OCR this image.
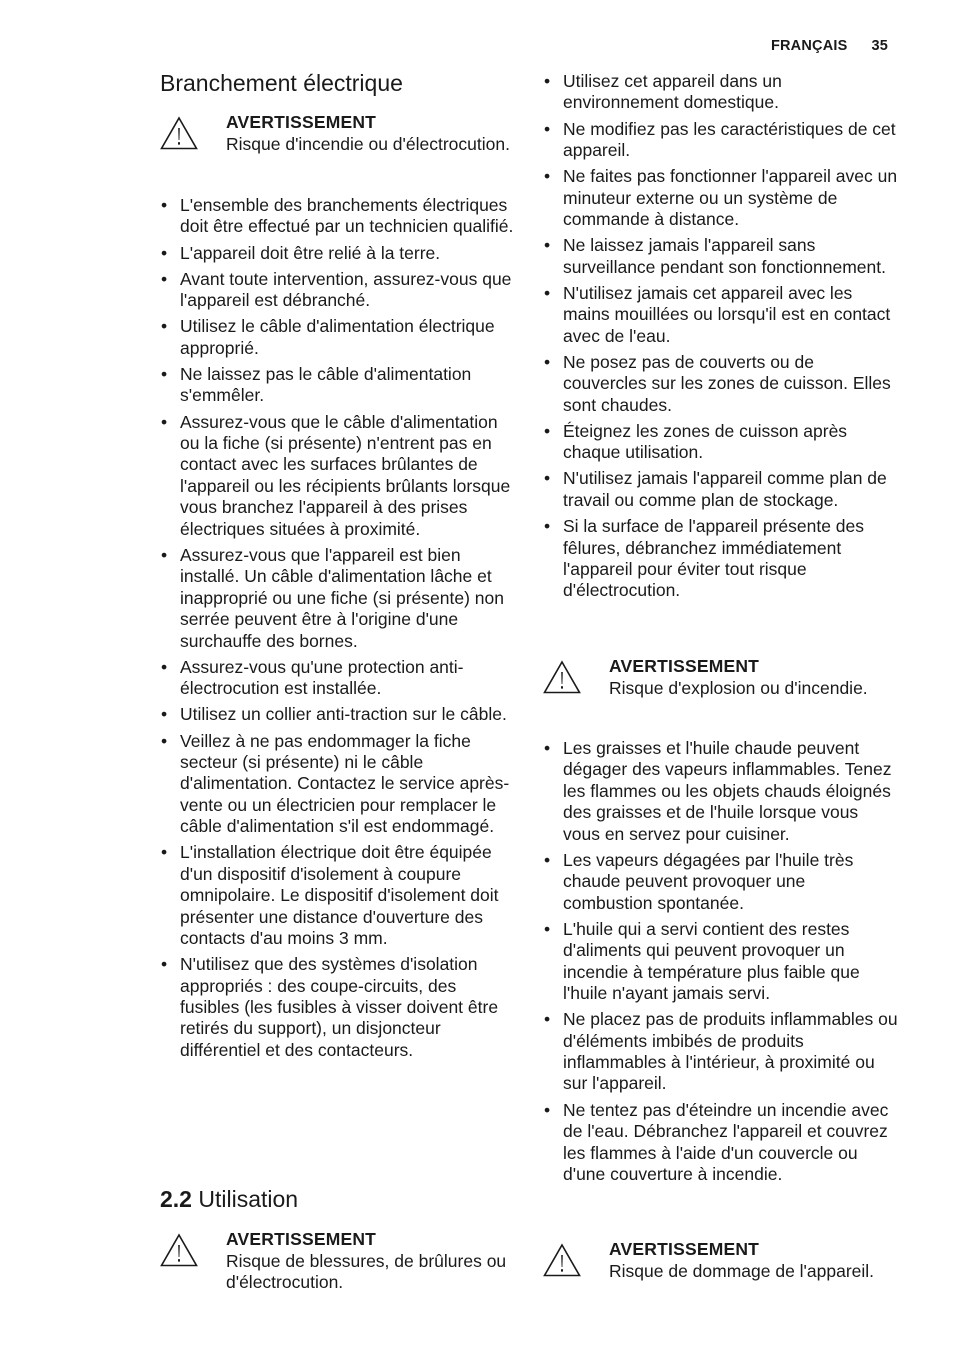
FRANÇAIS 35
Branchement électrique
AVERTISSEMENT
Risque d'incendie ou d'électrocution.
• L'ensemble des branchements électriques doit être effectué par un technicien qualifié.
• L'appareil doit être relié à la terre.
• Avant toute intervention, assurez-vous que l'appareil est débranché.
• Utilisez le câble d'alimentation électrique approprié.
• Ne laissez pas le câble d'alimentation s'emmêler.
• Assurez-vous que le câble d'alimentation ou la fiche (si présente) n'entrent pas en contact avec les surfaces brûlantes de l'appareil ou les récipients brûlants lorsque vous branchez l'appareil à des prises électriques situées à proximité.
• Assurez-vous que l'appareil est bien installé. Un câble d'alimentation lâche et inapproprié ou une fiche (si présente) non serrée peuvent être à l'origine d'une surchauffe des bornes.
• Assurez-vous qu'une protection anti-électrocution est installée.
• Utilisez un collier anti-traction sur le câble.
• Veillez à ne pas endommager la fiche secteur (si présente) ni le câble d'alimentation. Contactez le service après-vente ou un électricien pour remplacer le câble d'alimentation s'il est endommagé.
• L'installation électrique doit être équipée d'un dispositif d'isolement à coupure omnipolaire. Le dispositif d'isolement doit présenter une distance d'ouverture des contacts d'au moins 3 mm.
• N'utilisez que des systèmes d'isolation appropriés : des coupe-circuits, des fusibles (les fusibles à visser doivent être retirés du support), un disjoncteur différentiel et des contacteurs.
2.2 Utilisation
AVERTISSEMENT
Risque de blessures, de brûlures ou d'électrocution.
• Utilisez cet appareil dans un environnement domestique.
• Ne modifiez pas les caractéristiques de cet appareil.
• Ne faites pas fonctionner l'appareil avec un minuteur externe ou un système de commande à distance.
• Ne laissez jamais l'appareil sans surveillance pendant son fonctionnement.
• N'utilisez jamais cet appareil avec les mains mouillées ou lorsqu'il est en contact avec de l'eau.
• Ne posez pas de couverts ou de couvercles sur les zones de cuisson. Elles sont chaudes.
• Éteignez les zones de cuisson après chaque utilisation.
• N'utilisez jamais l'appareil comme plan de travail ou comme plan de stockage.
• Si la surface de l'appareil présente des fêlures, débranchez immédiatement l'appareil pour éviter tout risque d'électrocution.
AVERTISSEMENT
Risque d'explosion ou d'incendie.
• Les graisses et l'huile chaude peuvent dégager des vapeurs inflammables. Tenez les flammes ou les objets chauds éloignés des graisses et de l'huile lorsque vous vous en servez pour cuisiner.
• Les vapeurs dégagées par l'huile très chaude peuvent provoquer une combustion spontanée.
• L'huile qui a servi contient des restes d'aliments qui peuvent provoquer un incendie à température plus faible que l'huile n'ayant jamais servi.
• Ne placez pas de produits inflammables ou d'éléments imbibés de produits inflammables à l'intérieur, à proximité ou sur l'appareil.
• Ne tentez pas d'éteindre un incendie avec de l'eau. Débranchez l'appareil et couvrez les flammes à l'aide d'un couvercle ou d'une couverture à incendie.
AVERTISSEMENT
Risque de dommage de l'appareil.
